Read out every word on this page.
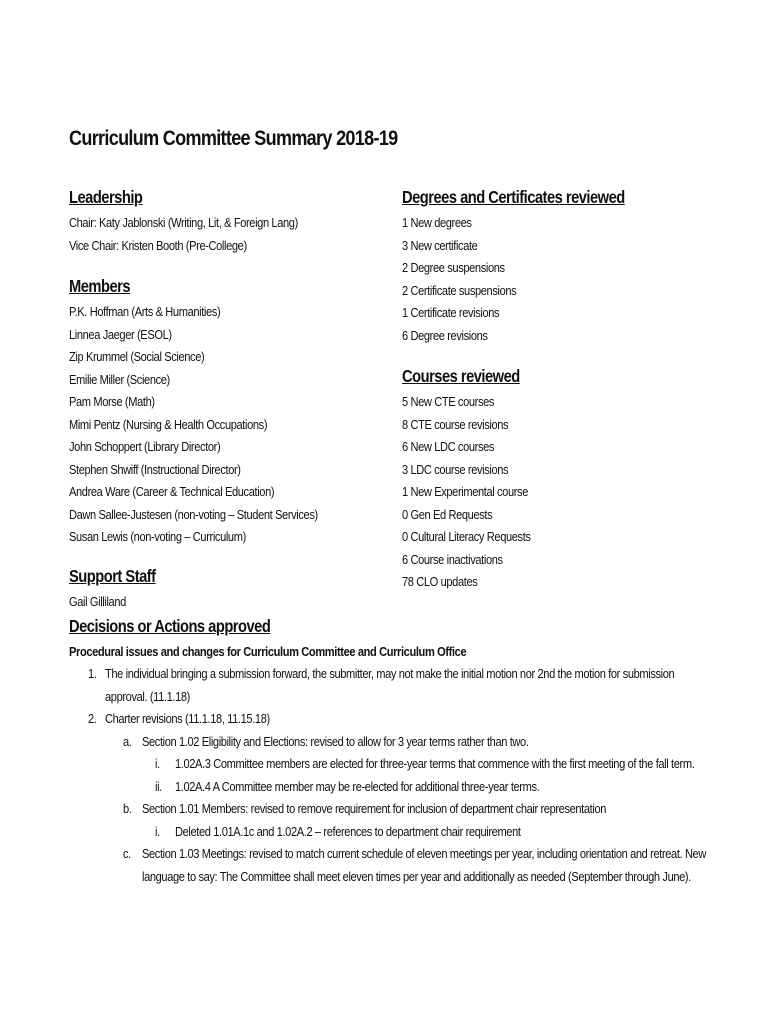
Curriculum Committee Summary 2018-19
Leadership
Chair: Katy Jablonski (Writing, Lit, & Foreign Lang)
Vice Chair: Kristen Booth (Pre-College)
Members
P.K. Hoffman (Arts & Humanities)
Linnea Jaeger (ESOL)
Zip Krummel (Social Science)
Emilie Miller (Science)
Pam Morse (Math)
Mimi Pentz (Nursing & Health Occupations)
John Schoppert (Library Director)
Stephen Shwiff (Instructional Director)
Andrea Ware (Career & Technical Education)
Dawn Sallee-Justesen (non-voting – Student Services)
Susan Lewis (non-voting – Curriculum)
Support Staff
Gail Gilliland
Degrees and Certificates reviewed
1 New degrees
3 New certificate
2 Degree suspensions
2 Certificate suspensions
1 Certificate revisions
6 Degree revisions
Courses reviewed
5 New CTE courses
8 CTE course revisions
6 New LDC courses
3 LDC course revisions
1 New Experimental course
0 Gen Ed Requests
0 Cultural Literacy Requests
6 Course inactivations
78 CLO updates
Decisions or Actions approved
Procedural issues and changes for Curriculum Committee and Curriculum Office
1. The individual bringing a submission forward, the submitter, may not make the initial motion nor 2nd the motion for submission
approval. (11.1.18)
2. Charter revisions (11.1.18, 11.15.18)
a. Section 1.02 Eligibility and Elections: revised to allow for 3 year terms rather than two.
i. 1.02A.3 Committee members are elected for three-year terms that commence with the first meeting of the fall term.
ii. 1.02A.4 A Committee member may be re-elected for additional three-year terms.
b. Section 1.01 Members: revised to remove requirement for inclusion of department chair representation
i. Deleted 1.01A.1c and 1.02A.2 – references to department chair requirement
c. Section 1.03 Meetings: revised to match current schedule of eleven meetings per year, including orientation and retreat. New
language to say: The Committee shall meet eleven times per year and additionally as needed (September through June).
